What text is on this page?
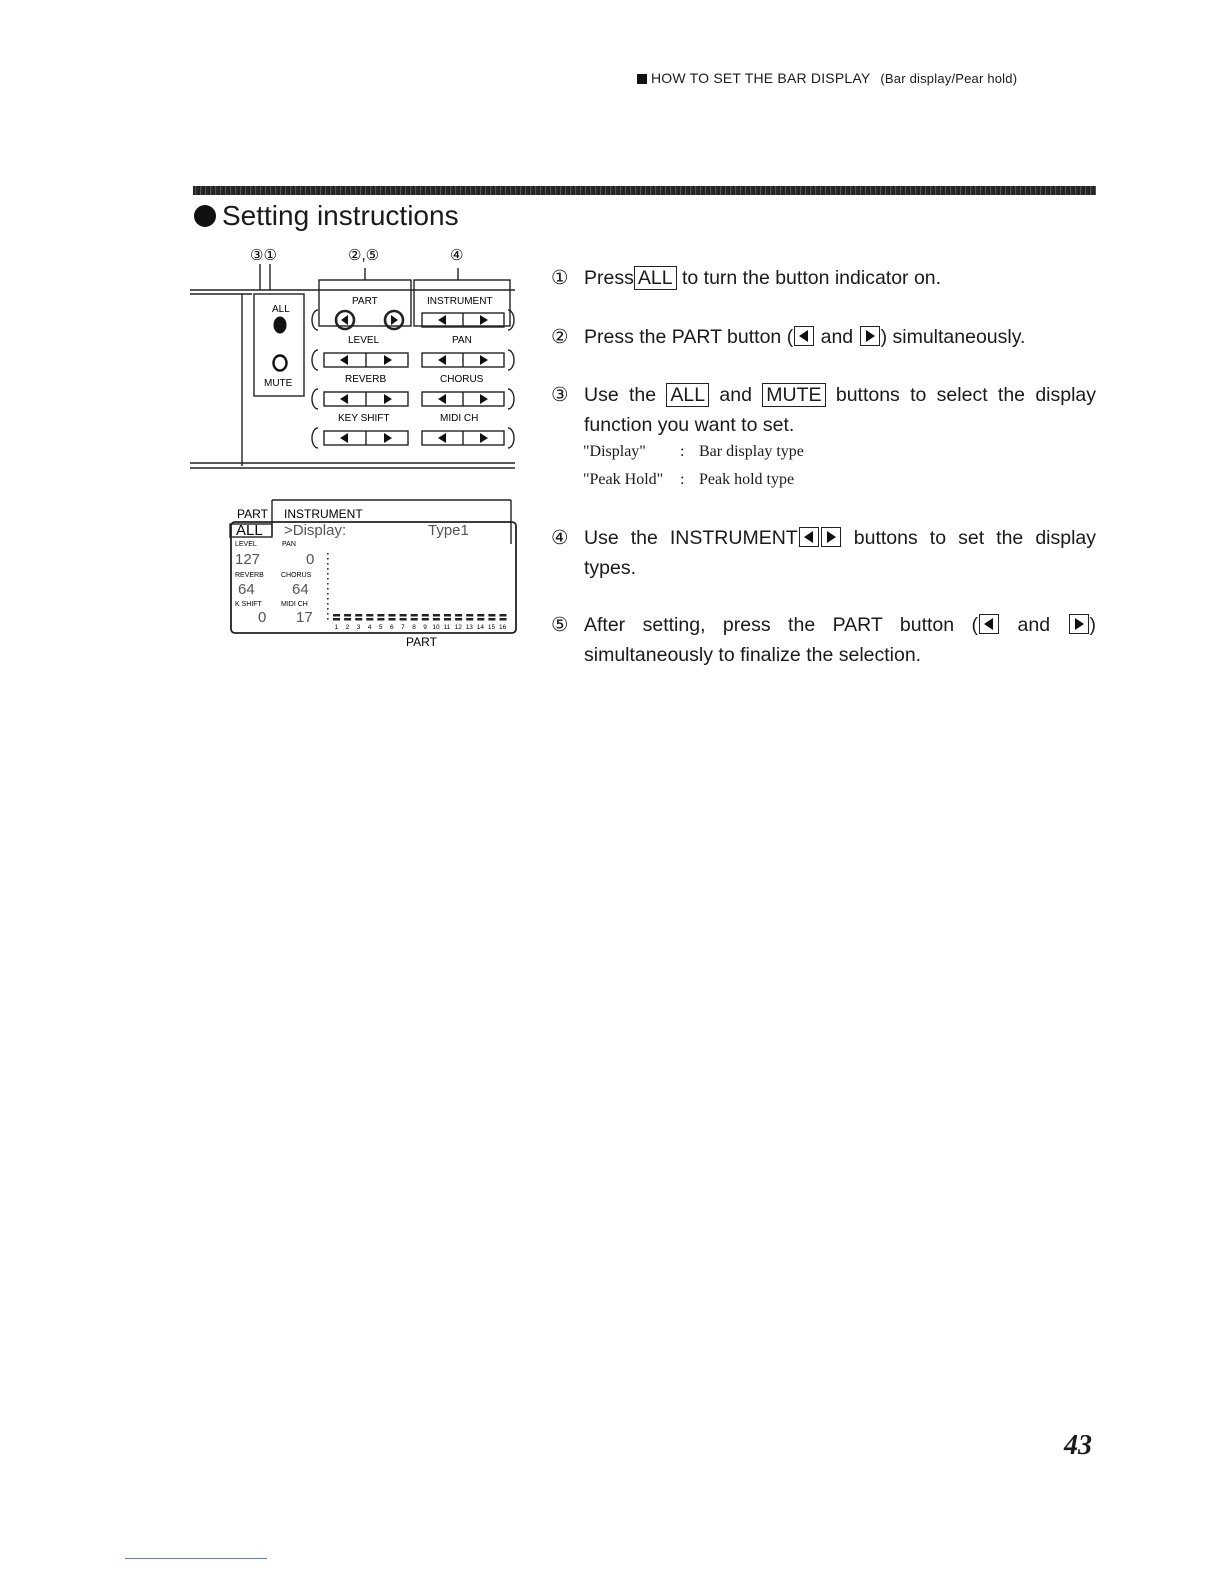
HOW TO SET THE BAR DISPLAY (Bar display/Pear hold)
Setting instructions
③①	②,⑤	④
ALL
MUTE
PART	INSTRUMENT
LEVEL	PAN
REVERB	CHORUS
KEY SHIFT	MIDI CH
PART INSTRUMENT
ALL >Display:	Type1
LEVEL	PAN
127	0
REVERB CHORUS
64 64
K SHIFT	MIDI CH
0 17
1 2 3 4 5 6 7 8 9 10 11 12 13 14 15 16
PART
① Press ALL to turn the button indicator on.
② Press the PART button ( and ) simultaneously.
③ Use the ALL and MUTE buttons to select the display function you want to set.
"Display" : Bar display type
"Peak Hold" : Peak hold type
④ Use the INSTRUMENT	buttons to set the display types.
⑤ After setting, press the PART button ( and ) simultaneously to finalize the selection.
43
